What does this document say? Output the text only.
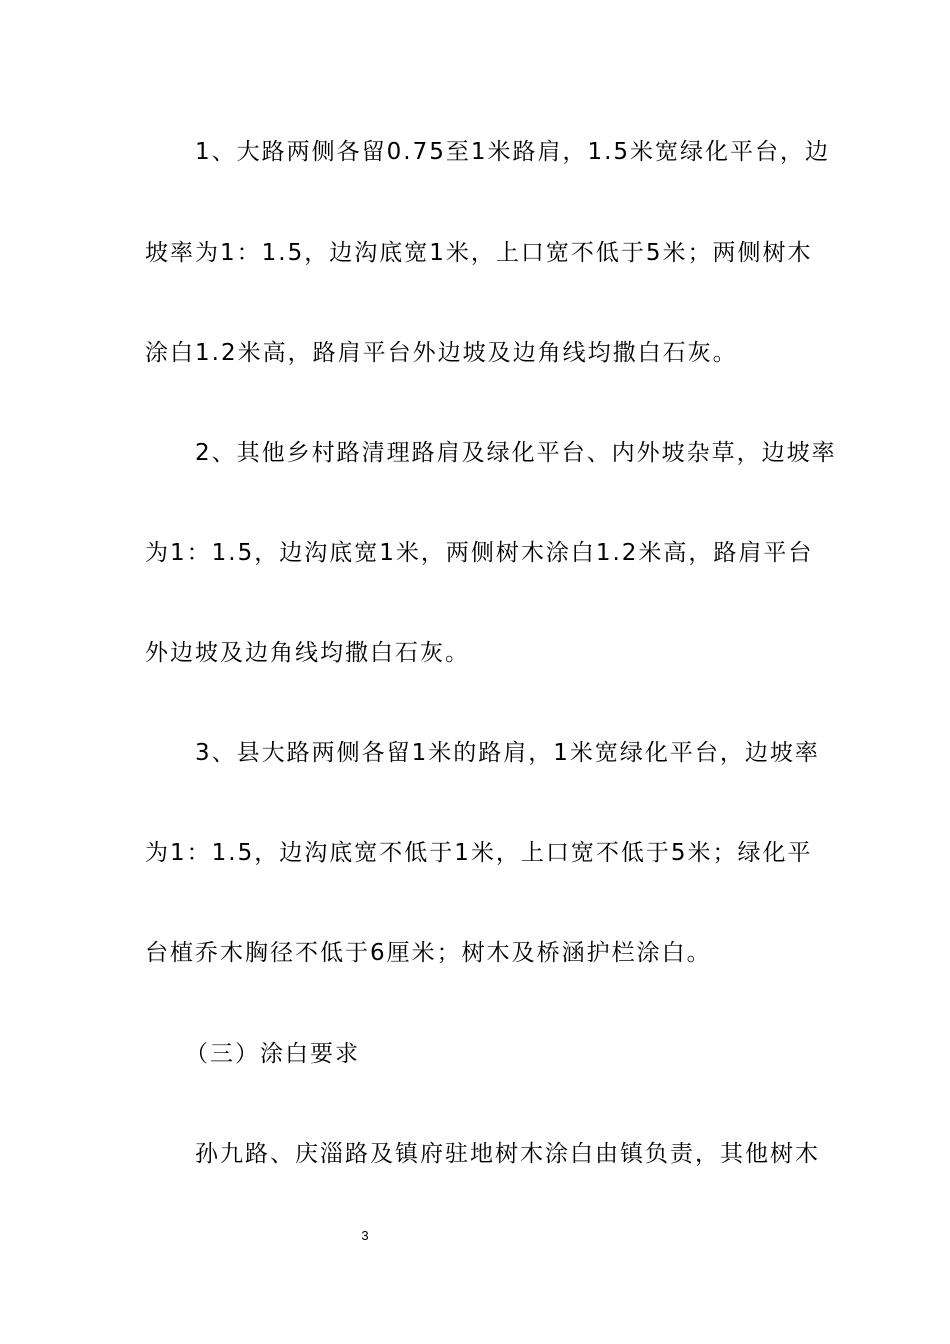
1、大路两侧各留0.75至1米路肩，1.5米宽绿化平台，边
坡率为1：1.5，边沟底宽1米，上口宽不低于5米；两侧树木
涂白1.2米高，路肩平台外边坡及边角线均撒白石灰。
2、其他乡村路清理路肩及绿化平台、内外坡杂草，边坡率
为1：1.5，边沟底宽1米，两侧树木涂白1.2米高，路肩平台
外边坡及边角线均撒白石灰。
3、县大路两侧各留1米的路肩，1米宽绿化平台，边坡率
为1：1.5，边沟底宽不低于1米，上口宽不低于5米；绿化平
台植乔木胸径不低于6厘米；树木及桥涵护栏涂白。
（三）涂白要求
孙九路、庆淄路及镇府驻地树木涂白由镇负责，其他树木
3
